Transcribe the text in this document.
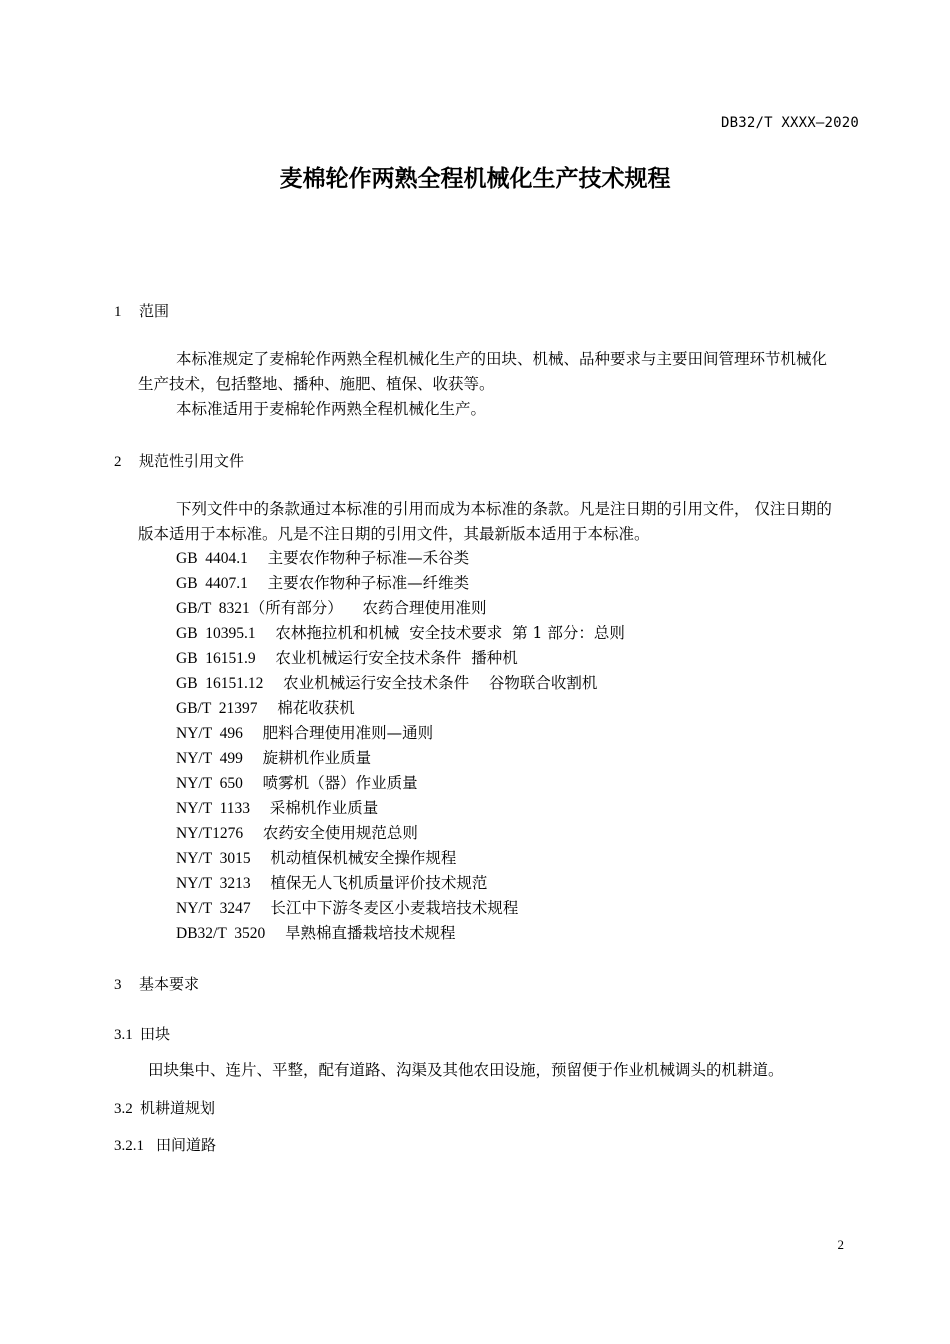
DB32/T XXXX—2020
麦棉轮作两熟全程机械化生产技术规程
1 范围

本标准规定了麦棉轮作两熟全程机械化生产的田块、机械、品种要求与主要田间管理环节机械化生产技术，包括整地、播种、施肥、植保、收获等。

本标准适用于麦棉轮作两熟全程机械化生产。

2 规范性引用文件

下列文件中的条款通过本标准的引用而成为本标准的条款。凡是注日期的引用文件， 仅注日期的版本适用于本标准。凡是不注日期的引用文件，其最新版本适用于本标准。

GB  4404.1 主要农作物种子标准—禾谷类
GB  4407.1 主要农作物种子标准—纤维类
GB/T  8321（所有部分） 农药合理使用准则
GB  10395.1 农林拖拉机和机械  安全技术要求  第 1 部分：总则
GB  16151.9 农业机械运行安全技术条件  播种机
GB  16151.12 农业机械运行安全技术条件    谷物联合收割机
GB/T  21397 棉花收获机
NY/T  496 肥料合理使用准则—通则
NY/T  499 旋耕机作业质量
NY/T  650 喷雾机（器）作业质量
NY/T  1133 采棉机作业质量
NY/T1276 农药安全使用规范总则
NY/T  3015 机动植保机械安全操作规程
NY/T  3213 植保无人飞机质量评价技术规范
NY/T  3247 长江中下游冬麦区小麦栽培技术规程
DB32/T  3520 旱熟棉直播栽培技术规程
3 基本要求
3.1 田块

田块集中、连片、平整，配有道路、沟渠及其他农田设施，预留便于作业机械调头的机耕道。

3.2 机耕道规划
3.2.1 田间道路
2
